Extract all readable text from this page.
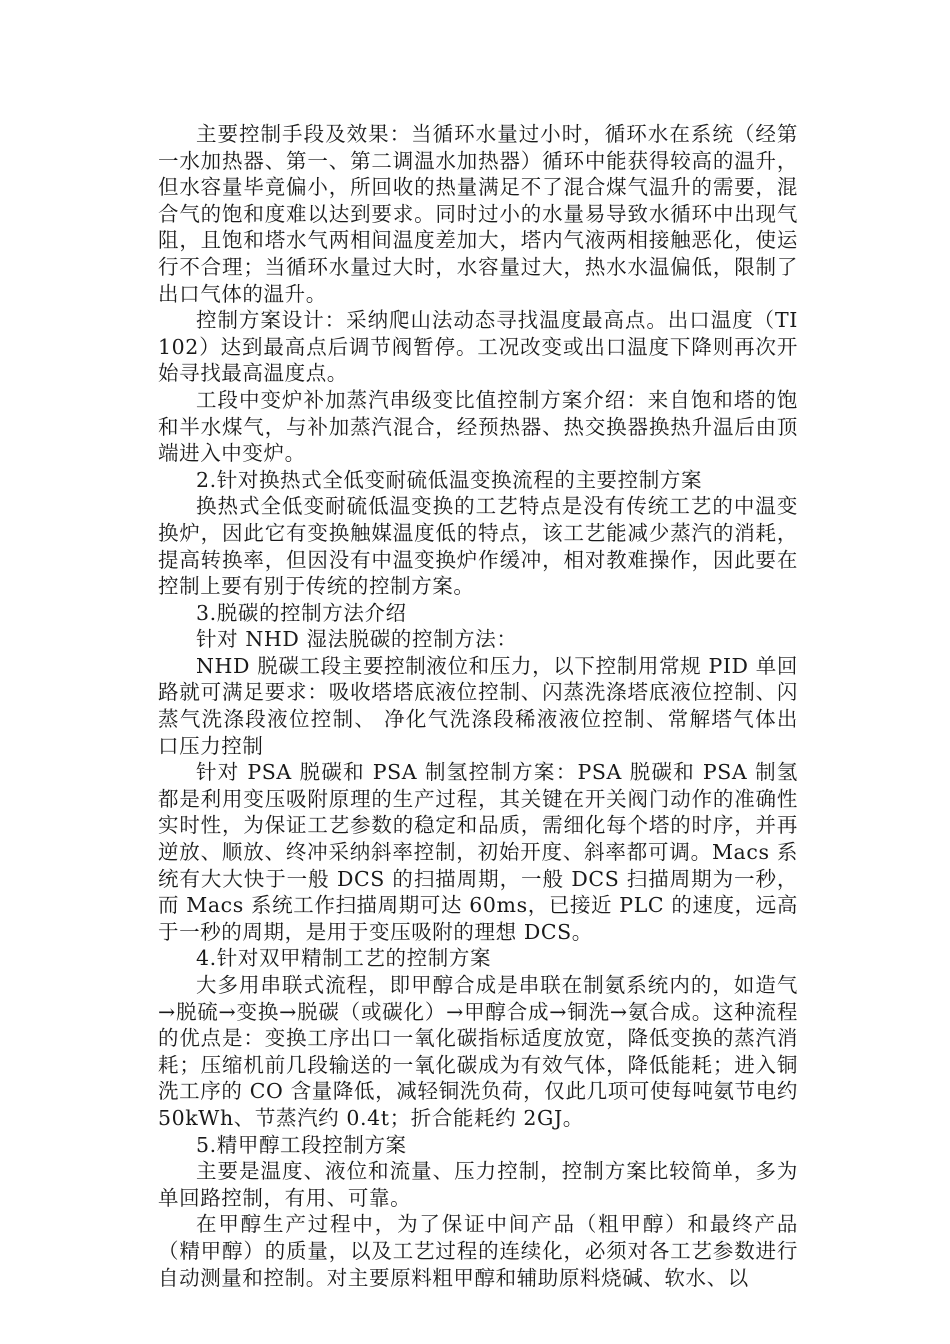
主要控制手段及效果：当循环水量过小时，循环水在系统（经第一水加热器、第一、第二调温水加热器）循环中能获得较高的温升，但水容量毕竟偏小，所回收的热量满足不了混合煤气温升的需要，混合气的饱和度难以达到要求。同时过小的水量易导致水循环中出现气阻，且饱和塔水气两相间温度差加大，塔内气液两相接触恶化，使运行不合理；当循环水量过大时，水容量过大，热水水温偏低，限制了出口气体的温升。

控制方案设计：采纳爬山法动态寻找温度最高点。出口温度（TI102）达到最高点后调节阀暂停。工况改变或出口温度下降则再次开始寻找最高温度点。

工段中变炉补加蒸汽串级变比值控制方案介绍：来自饱和塔的饱和半水煤气，与补加蒸汽混合，经预热器、热交换器换热升温后由顶端进入中变炉。

2.针对换热式全低变耐硫低温变换流程的主要控制方案

换热式全低变耐硫低温变换的工艺特点是没有传统工艺的中温变换炉，因此它有变换触媒温度低的特点，该工艺能减少蒸汽的消耗，提高转换率，但因没有中温变换炉作缓冲，相对教难操作，因此要在控制上要有别于传统的控制方案。

3.脱碳的控制方法介绍

针对 NHD 湿法脱碳的控制方法：

NHD 脱碳工段主要控制液位和压力，以下控制用常规 PID 单回路就可满足要求：吸收塔塔底液位控制、闪蒸洗涤塔底液位控制、闪蒸气洗涤段液位控制、 净化气洗涤段稀液液位控制、常解塔气体出口压力控制

针对 PSA 脱碳和 PSA 制氢控制方案：PSA 脱碳和 PSA 制氢都是利用变压吸附原理的生产过程，其关键在开关阀门动作的准确性实时性，为保证工艺参数的稳定和品质，需细化每个塔的时序，并再逆放、顺放、终冲采纳斜率控制，初始开度、斜率都可调。Macs 系统有大大快于一般 DCS 的扫描周期，一般 DCS 扫描周期为一秒， 而 Macs 系统工作扫描周期可达 60ms，已接近 PLC 的速度，远高于一秒的周期，是用于变压吸附的理想 DCS。

4.针对双甲精制工艺的控制方案

大多用串联式流程，即甲醇合成是串联在制氨系统内的，如造气→脱硫→变换→脱碳（或碳化）→甲醇合成→铜洗→氨合成。这种流程的优点是：变换工序出口一氧化碳指标适度放宽，降低变换的蒸汽消耗；压缩机前几段输送的一氧化碳成为有效气体，降低能耗；进入铜洗工序的 CO 含量降低，减轻铜洗负荷，仅此几项可使每吨氨节电约 50kWh、节蒸汽约 0.4t；折合能耗约 2GJ。

5.精甲醇工段控制方案

主要是温度、液位和流量、压力控制，控制方案比较简单，多为单回路控制，有用、可靠。

在甲醇生产过程中，为了保证中间产品（粗甲醇）和最终产品（精甲醇）的质量，以及工艺过程的连续化，必须对各工艺参数进行自动测量和控制。对主要原料粗甲醇和辅助原料烧碱、软水、以
